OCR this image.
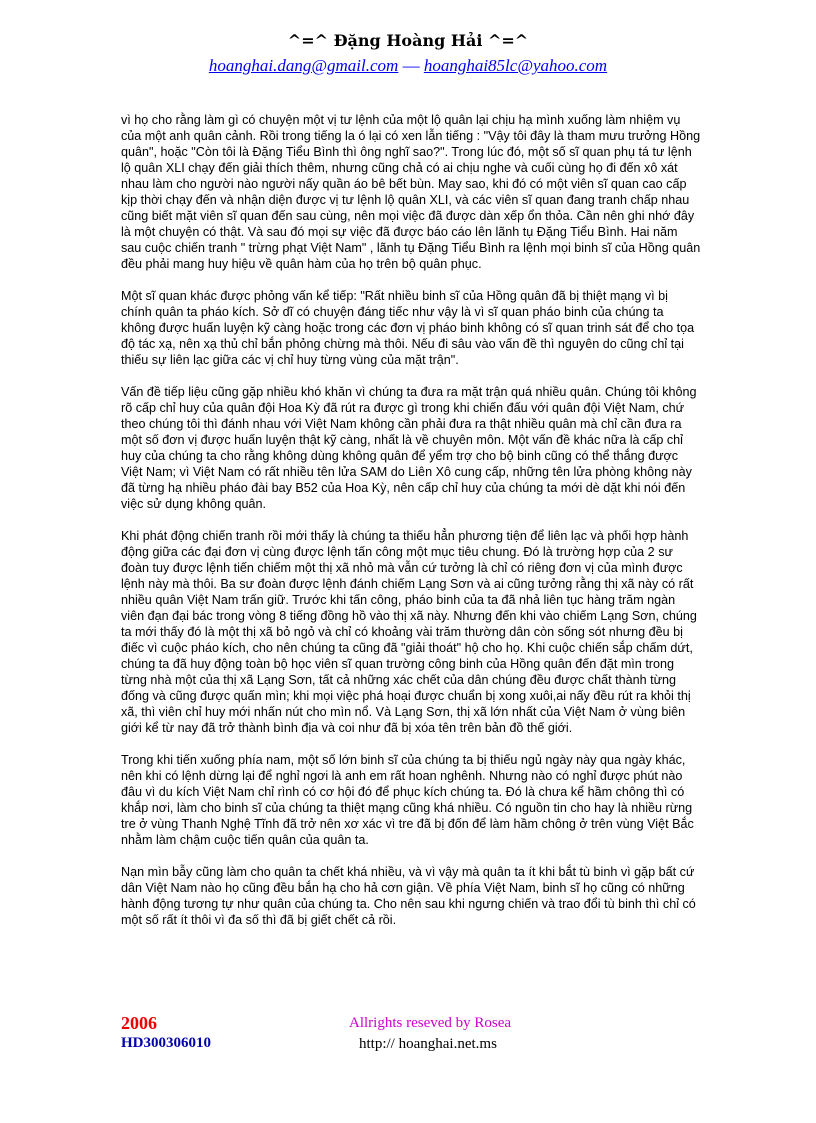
^=^ Đặng Hoàng Hải ^=^
hoanghai.dang@gmail.com — hoanghai85lc@yahoo.com

vì họ cho rằng làm gì có chuyện một vị tư lệnh của một lộ quân lại chịu hạ mình xuống làm nhiệm vụ của một anh quân cảnh. Rồi trong tiếng la ó lại có xen lẫn tiếng : "Vậy tôi đây là tham mưu trưởng Hồng quân", hoặc "Còn tôi là Đặng Tiểu Bình thì ông nghĩ sao?". Trong lúc đó, một số sĩ quan phụ tá tư lệnh lộ quân XLI chạy đến giải thích thêm, nhưng cũng chả có ai chịu nghe và cuối cùng họ đi đến xô xát nhau làm cho người nào người nấy quần áo bê bết bùn. May sao, khi đó có một viên sĩ quan cao cấp kịp thời chạy đến và nhận diện được vị tư lệnh lộ quân XLI, và các viên sĩ quan đang tranh chấp nhau cũng biết mặt viên sĩ quan đến sau cùng, nên mọi việc đã được dàn xếp ổn thỏa. Cần nên ghi nhớ đây là một chuyện có thật. Và sau đó mọi sự việc đã được báo cáo lên lãnh tụ Đặng Tiểu Bình. Hai năm sau cuộc chiến tranh " trừng phạt Việt Nam" , lãnh tụ Đặng Tiểu Bình ra lệnh mọi binh sĩ của Hồng quân đều phải mang huy hiệu về quân hàm của họ trên bộ quân phục.

Một sĩ quan khác được phỏng vấn kể tiếp: "Rất nhiều binh sĩ của Hồng quân đã bị thiệt mạng vì bị chính quân ta pháo kích. Sở dĩ có chuyện đáng tiếc như vậy là vì sĩ quan pháo binh của chúng ta không được huấn luyện kỹ càng hoặc trong các đơn vị pháo binh không có sĩ quan trinh sát để cho tọa độ tác xạ, nên xạ thủ chỉ bắn phỏng chừng mà thôi. Nếu đi sâu vào vấn đề thì nguyên do cũng chỉ tại thiếu sự liên lạc giữa các vị chỉ huy từng vùng của mặt trận".

Vấn đề tiếp liệu cũng gặp nhiều khó khăn vì chúng ta đưa ra mặt trận quá nhiều quân. Chúng tôi không rõ cấp chỉ huy của quân đội Hoa Kỳ đã rút ra được gì trong khi chiến đấu với quân đội Việt Nam, chứ theo chúng tôi thì đánh nhau với Việt Nam không cần phải đưa ra thật nhiều quân mà chỉ cần đưa ra một số đơn vị được huấn luyện thật kỹ càng, nhất là về chuyên môn. Một vấn đề khác nữa là cấp chỉ huy của chúng ta cho rằng không dùng không quân để yểm trợ cho bộ binh cũng có thể thắng được Việt Nam; vì Việt Nam có rất nhiều tên lửa SAM do Liên Xô cung cấp, những tên lửa phòng không này đã từng hạ nhiều pháo đài bay B52 của Hoa Kỳ, nên cấp chỉ huy của chúng ta mới dè dặt khi nói đến việc sử dụng không quân.

Khi phát động chiến tranh rồi mới thấy là chúng ta thiếu hẳn phương tiện để liên lạc và phối hợp hành động giữa các đại đơn vị cùng được lệnh tấn công một mục tiêu chung. Đó là trường hợp của 2 sư đoàn tuy được lệnh tiến chiếm một thị xã nhỏ mà vẫn cứ tưởng là chỉ có riêng đơn vị của mình được lệnh này mà thôi. Ba sư đoàn được lệnh đánh chiếm Lạng Sơn và ai cũng tưởng rằng thị xã này có rất nhiều quân Việt Nam trấn giữ. Trước khi tấn công, pháo binh của ta đã nhả liên tục hàng trăm ngàn viên đạn đại bác trong vòng 8 tiếng đồng hồ vào thị xã này. Nhưng đến khi vào chiếm Lạng Sơn, chúng ta mới thấy đó là một thị xã bỏ ngỏ và chỉ có khoảng vài trăm thường dân còn sống sót nhưng đều bị điếc vì cuộc pháo kích, cho nên chúng ta cũng đã "giải thoát" hộ cho họ. Khi cuộc chiến sắp chấm dứt, chúng ta đã huy động toàn bộ học viên sĩ quan trường công binh của Hồng quân đến đặt mìn trong từng nhà một của thị xã Lạng Sơn, tất cả những xác chết của dân chúng đều được chất thành từng đống và cũng được quấn mìn; khi mọi việc phá hoại được chuẩn bị xong xuôi,ai nấy đều rút ra khỏi thị xã, thì viên chỉ huy mới nhấn nút cho mìn nổ. Và Lạng Sơn, thị xã lớn nhất của Việt Nam ở vùng biên giới kể từ nay đã trở thành bình địa và coi như đã bị xóa tên trên bản đồ thế giới.

Trong khi tiến xuống phía nam, một số lớn binh sĩ của chúng ta bị thiếu ngủ ngày này qua ngày khác, nên khi có lệnh dừng lại để nghỉ ngơi là anh em rất hoan nghênh. Nhưng nào có nghỉ được phút nào đâu vì du kích Việt Nam chỉ rình có cơ hội đó để phục kích chúng ta. Đó là chưa kể hầm chông thì có khắp nơi, làm cho binh sĩ của chúng ta thiệt mạng cũng khá nhiều. Có nguồn tin cho hay là nhiều rừng tre ở vùng Thanh Nghệ Tĩnh đã trở nên xơ xác vì tre đã bị đốn để làm hầm chông ở trên vùng Việt Bắc nhằm làm chậm cuộc tiến quân của quân ta.

Nạn mìn bẫy cũng làm cho quân ta chết khá nhiều, và vì vậy mà quân ta ít khi bắt tù binh vì gặp bất cứ dân Việt Nam nào họ cũng đều bắn hạ cho hả cơn giận. Về phía Việt Nam, binh sĩ họ cũng có những hành động tương tự như quân của chúng ta. Cho nên sau khi ngưng chiến và trao đổi tù binh thì chỉ có một số rất ít thôi vì đa số thì đã bị giết chết cả rồi.

2006
HD300306010
Allrights reseved by Rosea
http:// hoanghai.net.ms
